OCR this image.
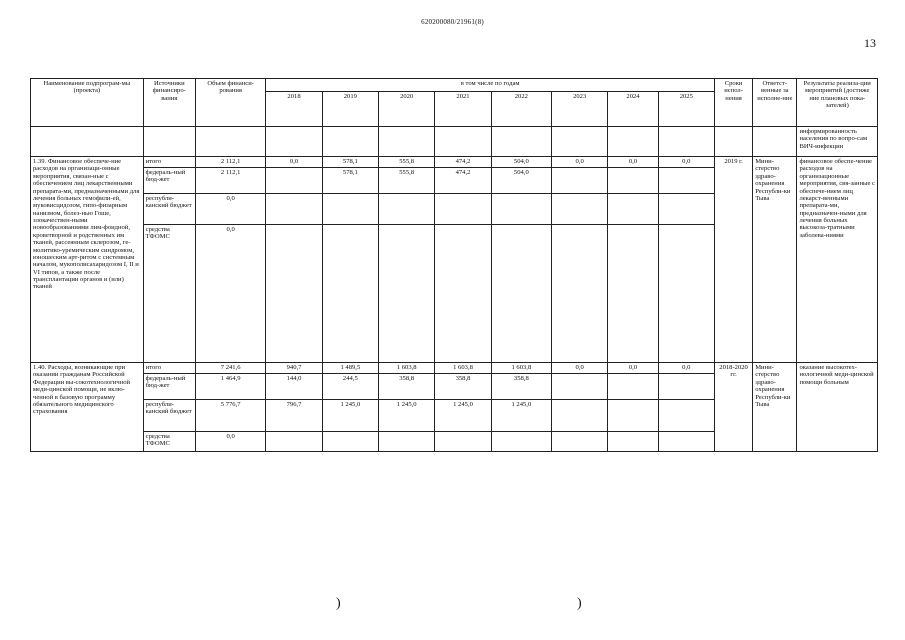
620200080/21961(8)
13
Наименование подпрограм-мы (проекта)	Источники финансиро-вания	Объем финанси-рования	в том числе по годам								Сроки испол-нения	Ответст-венные за исполне-ние	Результаты реализа-ции мероприятий (достиже ние плановых пока-зателей)
			2018	2019	2020	2021	2022	2023	2024	2025			
													информированность населения по вопро-сам ВИЧ-инфекции
1.39. Финансовое обеспече-ние расходов на организаци-онные мероприятия, связан-ные с обеспечением лиц лекарственными препарата-ми, предназначенными для лечения больных гемофили-ей, муковисцидозом, гипо-физарным нанизмом, болез-нью Гоше, злокачествен-ными новообразованиями лим-фоидной, кроветворной и родственных им тканей, рассеянным склерозом, ге-молитико-уремическим синдромом, юношеским арт-ритом с системным началом, мукополисахаридозом I, II и VI типов, а также после трансплантации органов и (или) тканей	итого	2 112,1	0,0	578,1	555,8	474,2	504,0	0,0	0,0	0,0	2019 г.	Мини-стерство здраво-охранения Республи-ки Тыва	финансовое обеспе-чение расходов на организационные мероприятия, свя-занные с обеспече-нием лиц лекарст-венными препарата-ми, предназначен-ными для лечения больных высокоза-тратными заболева-ниями
	федераль-ный бюд-жет	2 112,1		578,1	555,8	474,2	504,0						
	республи-канский бюджет	0,0											
	средства ТФОМС	0,0											
1.40. Расходы, возникающие при оказании гражданам Российской Федерации вы-сокотехнологичной меди-цинской помощи, не вклю-ченной в базовую программу обязательного медицинского страхования	итого	7 241,6	940,7	1 489,5	1 603,8	1 603,8	1 603,8	0,0	0,0	0,0	2018-2020 гг.	Мини-стерство здраво-охранения Республи-ки Тыва	оказание высокотех-нологичной меди-цинской помощи больным
	федераль-ный бюд-жет	1 464,9	144,0	244,5	358,8	358,8	358,8						
	республи-канский бюджет	5 776,7	796,7	1 245,0	1 245,0	1 245,0	1 245,0						
	средства ТФОМС	0,0											
)	)
